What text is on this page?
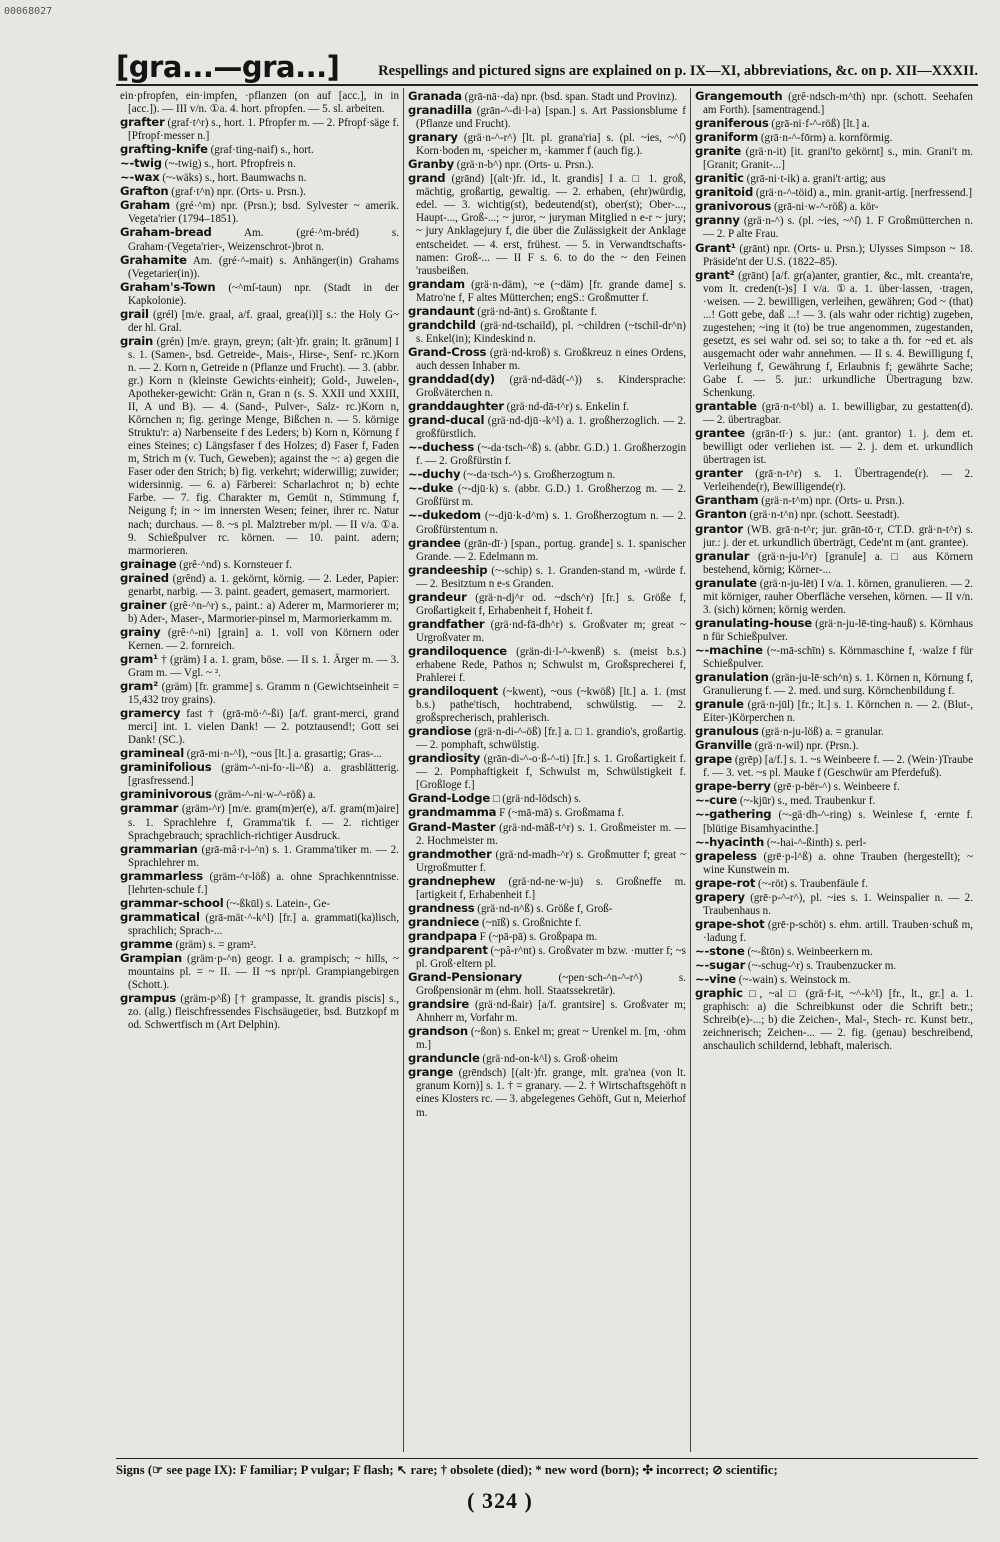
00068027
[gra...—gra...]	Respellings and pictured signs are explained on p. IX—XI, abbreviations, &c. on p. XII—XXXII.

ein·pfropfen, ein·impfen, ·pflanzen (on auf [acc.], in in [acc.]). — III v/n. ①a. 4. hort. pfropfen. — 5. sl. arbeiten.

grafter (graf·t^r) s., hort. 1. Pfropfer m. — 2. Pfropf·säge f. [Pfropf·messer n.]

grafting-knife (graf·ting-naif) s., hort.

~-twig (~-twig) s., hort. Pfropfreis n.

~-wax (~-wäks) s., hort. Baumwachs n.

Grafton (graf·t^n) npr. (Orts- u. Prsn.).

Graham (gré·^m) npr. (Prsn.); bsd. Sylvester ~ amerik. Vegeta'rier (1794–1851).

Graham-bread	Am. (gré·^m-bréd) s. Graham·(Vegeta'rier-, Weizenschrot-)brot n.

Grahamite Am. (gré·^-mait) s. Anhänger(in) Grahams (Vegetarier(in)).

Graham's-Town (~^mſ-taun) npr. (Stadt in der Kapkolonie).

grail (grél) [m/e. graal, a/f. graal, grea(i)l] s.: the Holy G~ der hl. Gral.

grain (grén) [m/e. grayn, greyn; (alt·)fr. grain; lt. grānum] I s. 1. (Samen-, bsd. Getreide-, Mais-, Hirse-, Senf- rc.)Korn n. — 2. Korn n, Getreide n (Pflanze und Frucht). — 3. (abbr. gr.) Korn n (kleinste Gewichts·einheit); Gold-, Juwelen-, Apotheker-gewicht: Grän n, Gran n (s. S. XXII und XXIII, II, A und B). — 4. (Sand-, Pulver-, Salz- rc.)Korn n, Körnchen n; fig. geringe Menge, Bißchen n. — 5. körnige Struktu'r: a) Narbenseite f des Leders; b) Korn n, Körnung f eines Steines; c) Längsfaser f des Holzes; d) Faser f, Faden m, Strich m (v. Tuch, Geweben); against the ~: a) gegen die Faser oder den Strich; b) fig. verkehrt; widerwillig; zuwider; widersinnig. — 6. a) Färberei: Scharlachrot n; b) echte Farbe. — 7. fig. Charakter m, Gemüt n, Stimmung f, Neigung f; in ~ im innersten Wesen; feiner, ihrer rc. Natur nach; durchaus. — 8. ~s pl. Malztreber m/pl. — II v/a. ①a. 9. Schießpulver rc. körnen. — 10. paint. adern; marmorieren.

grainage (grê·^nd) s. Kornsteuer f.

grained (grênd) a. 1. gekörnt, körnig. — 2. Leder, Papier: genarbt, narbig. — 3. paint. geadert, gemasert, marmoriert.

grainer (grê·^n-^r) s., paint.: a) Aderer m, Marmorierer m; b) Ader-, Maser-, Marmorier-pinsel m, Marmorierkamm m.

grainy (grê·^-ni) [grain] a. 1. voll von Körnern oder Kernen. — 2. fornreich.

gram¹ † (gräm) I a. 1. gram, böse. — II s. 1. Ärger m. — 3. Gram m. — Vgl. ~ ².

gram² (gräm) [fr. gramme] s. Gramm n (Gewichtseinheit = 15,432 troy grains).

gramercy fast † (grā-mö·^-ßi) [a/f. grant-merci, grand merci] int. 1. vielen Dank! — 2. potztausend!; Gott sei Dank! (SC.).

gramineal (grā-mi·n-^l), ~ous [lt.] a. grasartig; Gras-...

graminifolious (gräm-^-ni-fo·-li-^ß) a. grasblätterig. [grasfressend.]

graminivorous (gräm-^-ni·w-^-röß) a.

grammar (gräm-^r) [m/e. gram(m)er(e), a/f. gram(m)aire] s. 1. Sprachlehre f, Gramma'tik f. — 2. richtiger Sprachgebrauch; sprachlich-richtiger Ausdruck.

grammarian (grā-mâ·r-i-^n) s. 1. Gramma'tiker m. — 2. Sprachlehrer m.

grammarless (gräm-^r-löß) a. ohne Sprachkenntnisse. [lehrten-schule f.]

grammar-school (~-ßkūl) s. Latein-, Ge-

grammatical (grā-mät·^-k^l) [fr.] a. grammati(ka)lisch, sprachlich; Sprach-...

gramme (gräm) s. = gram².

Grampian (gräm·p-^n) geogr. I a. grampisch; ~ hills, ~ mountains pl. = ~ II. — II ~s npr/pl. Grampiangebirgen (Schott.).

grampus (gräm-p^ß) [† grampasse, lt. grandis piscis] s., zo. (allg.) fleischfressendes Fischsäugetier, bsd. Butzkopf m od. Schwertfisch m (Art Delphin).

Granada (grā-nā·-da) npr. (bsd. span. Stadt und Provinz).

granadilla (grān-^-di·l-a) [span.] s. Art Passionsblume f (Pflanze und Frucht).

granary (grä·n-^-r^) [lt. pl. grana'ria] s. (pl. ~ies, ~^ſ) Korn·boden m, ·speicher m, ·kammer f (auch fig.).

Granby (grä·n-b^) npr. (Orts- u. Prsn.).

grand (grānd) [(alt·)fr. id., lt. grandis] I a. □ 1. groß, mächtig, großartig, gewaltig. — 2. erhaben, (ehr)würdig, edel. — 3. wichtig(st), bedeutend(st), ober(st); Ober-..., Haupt-..., Groß-...; ~ juror, ~ juryman Mitglied n e-r ~ jury; ~ jury Anklagejury f, die über die Zulässigkeit der Anklage entscheidet. — 4. erst, frühest. — 5. in Verwandtschafts-namen: Groß-... — II F s. 6. to do the ~ den Feinen 'rausbeißen.

grandam (grä·n-däm), ~e (~däm) [fr. grande dame] s. Matro'ne f, F altes Mütterchen; engS.: Großmutter f.

grandaunt (grä·nd-ānt) s. Großtante f.

grandchild (grä·nd-tschaild), pl. ~children (~tschil-dr^n) s. Enkel(in); Kindeskind n.

Grand-Cross (grä·nd-kroß) s. Großkreuz n eines Ordens, auch dessen Inhaber m.

granddad(dy) (grä·nd-däd(-^)) s. Kindersprache: Großväterchen n.

granddaughter (grä·nd-dā-t^r) s. Enkelin f.

grand-ducal (grä·nd-djū·-k^l) a. 1. großherzoglich. — 2. großfürstlich.

~-duchess (~-da·tsch-^ß) s. (abbr. G.D.) 1. Großherzogin f. — 2. Großfürstin f.

~-duchy (~-da·tsch-^) s. Großherzogtum n.

~-duke (~-djū·k) s. (abbr. G.D.) 1. Großherzog m. — 2. Großfürst m.

~-dukedom (~-djū·k-d^m) s. 1. Großherzogtum n. — 2. Großfürstentum n.

grandee (grān-dī·) [span., portug. grande] s. 1. spanischer Grande. — 2. Edelmann m.

grandeeship (~-schip) s. 1. Granden-stand m, -würde f. — 2. Besitztum n e-s Granden.

grandeur (grä·n-dj^r od. ~dsch^r) [fr.] s. Größe f, Großartigkeit f, Erhabenheit f, Hoheit f.

grandfather (grä·nd-fā-dh^r) s. Großvater m; great ~ Urgroßvater m.

grandiloquence (grän-di·l-^-kwenß) s. (meist b.s.) erhabene Rede, Pathos n; Schwulst m, Großsprecherei f, Prahlerei f.

grandiloquent (~kwent), ~ous (~kwöß) [lt.] a. 1. (mst b.s.) pathe'tisch, hochtrabend, schwülstig. — 2. großsprecherisch, prahlerisch.

grandiose (grä·n-di-^-öß) [fr.] a. □ 1. grandio's, großartig. — 2. pomphaft, schwülstig.

grandiosity (grān-di-^-o·ß-^-ti) [fr.] s. 1. Großartigkeit f. — 2. Pomphaftigkeit f, Schwulst m, Schwülstigkeit f. [Großloge f.]

Grand-Lodge □ (grä·nd-lödsch) s.

grandmamma F (~mā-mā) s. Großmama f.

Grand-Master (grä·nd-māß-t^r) s. 1. Großmeister m. — 2. Hochmeister m.

grandmother (grä·nd-madh-^r) s. Großmutter f; great ~ Urgroßmutter f.

grandnephew (grä·nd-ne·w-ju) s. Großneffe m. [artigkeit f, Erhabenheit f.]

grandness (grä·nd-n^ß) s. Größe f, Groß-

grandniece (~nīß) s. Großnichte f.

grandpapa F (~pā-pā) s. Großpapa m.

grandparent (~pâ-r^nt) s. Großvater m bzw. ·mutter f; ~s pl. Groß·eltern pl.

Grand-Pensionary	(~pen·sch-^n-^-r^) s. Großpensionär m (ehm. holl. Staatssekretär).

grandsire (grä·nd-ßair) [a/f. grantsire] s. Großvater m; Ahnherr m, Vorfahr m.

grandson (~ßon) s. Enkel m; great ~ Urenkel m. [m, ·ohm m.]

granduncle (grä·nd-on-k^l) s. Groß·oheim

grange (grēndsch) [(alt·)fr. grange, mlt. gra'nea (von lt. granum Korn)] s. 1. † = granary. — 2. † Wirtschaftsgehöft n eines Klosters rc. — 3. abgelegenes Gehöft, Gut n, Meierhof m.

Grangemouth (grê·ndsch-m^th) npr. (schott. Seehafen am Forth). [samentragend.]

graniferous (grā-ni·f-^-röß) [lt.] a.

graniform (grā·n-^-fōrm) a. kornförmig.

granite (grä·n-it) [it. grani'to gekörnt] s., min. Grani't m. [Granit; Granit-...]

granitic (grā-ni·t-ik) a. grani't·artig; aus

granitoid (grä·n-^-töid) a., min. granit-artig. [nerfressend.]

granivorous (grā-ni·w-^-röß) a. kör-

granny (grä·n-^) s. (pl. ~ies, ~^ſ) 1. F Großmütterchen n. — 2. P alte Frau.

Grant¹ (grānt) npr. (Orts- u. Prsn.); Ulysses Simpson ~ 18. Präside'nt der U.S. (1822–85).

grant² (grānt) [a/f. gr(a)anter, grantier, &c., mlt. creanta're, vom lt. creden(t-)s] I v/a. ①a. 1. über·lassen, ·tragen, ·weisen. — 2. bewilligen, verleihen, gewähren; God ~ (that) ...! Gott gebe, daß ...! — 3. (als wahr oder richtig) zugeben, zugestehen; ~ing it (to) be true angenommen, zugestanden, gesetzt, es sei wahr od. sei so; to take a th. for ~ed et. als ausgemacht oder wahr annehmen. — II s. 4. Bewilligung f, Verleihung f, Gewährung f, Erlaubnis f; gewährte Sache; Gabe f. — 5. jur.: urkundliche Übertragung bzw. Schenkung.

grantable (grā·n-t^bl) a. 1. bewilligbar, zu gestatten(d). — 2. übertragbar.

grantee (grān-tī·) s. jur.: (ant. grantor) 1. j. dem et. bewilligt oder verliehen ist. — 2. j. dem et. urkundlich übertragen ist.

granter (grā·n-t^r) s. 1. Übertragende(r). — 2. Verleihende(r), Bewilligende(r).

Grantham (grä·n-t^m) npr. (Orts- u. Prsn.).

Granton (grä·n-t^n) npr. (schott. Seestadt).

grantor (WB. grā·n-t^r; jur. grān-tō·r, CT.D. grä·n-t^r) s. jur.: j. der et. urkundlich überträgt, Cede'nt m (ant. grantee).

granular (grä·n-ju-l^r) [granule] a. □ aus Körnern bestehend, körnig; Körner-...

granulate (grä·n-ju-lēt) I v/a. 1. körnen, granulieren. — 2. mit körniger, rauher Oberfläche versehen, körnen. — II v/n. 3. (sich) körnen; körnig werden.

granulating-house (grä·n-ju-lē-ting-hauß) s. Körnhaus n für Schießpulver.

~-machine (~-mā-schīn) s. Körnmaschine f, ·walze f für Schießpulver.

granulation (grän-ju-lē·sch^n) s. 1. Körnen n, Körnung f, Granulierung f. — 2. med. und surg. Körnchenbildung f.

granule (grä·n-jūl) [fr.; lt.] s. 1. Körnchen n. — 2. (Blut-, Eiter-)Körperchen n.

granulous (grä·n-ju-löß) a. = granular.

Granville (grä·n-wil) npr. (Prsn.).

grape (grēp) [a/f.] s. 1. ~s Weinbeere f. — 2. (Wein·)Traube f. — 3. vet. ~s pl. Mauke f (Geschwür am Pferdefuß).

grape-berry (grē·p-bër-^) s. Weinbeere f.

~-cure (~-kjūr) s., med. Traubenkur f.

~-gathering (~-gä·dh-^-ring) s. Weinlese f, ·ernte f. [blütige Bisamhyacinthe.]

~-hyacinth (~-hai-^-ßinth) s. perl-

grapeless (grē·p-l^ß) a. ohne Trauben (hergestellt); ~ wine Kunstwein m.

grape-rot (~-röt) s. Traubenfäule f.

grapery (grē·p-^-r^), pl. ~ies s. 1. Weinspalier n. — 2. Traubenhaus n.

grape-shot (grē·p-schöt) s. ehm. artill. Trauben·schuß m, ·ladung f.

~-stone (~-ßtōn) s. Weinbeerkern m.

~-sugar (~-schug-^r) s. Traubenzucker m.

~-vine (~-wain) s. Weinstock m.

graphic □, ~al □ (grä·f-it, ~^-k^l) [fr., lt., gr.] a. 1. graphisch: a) die Schreibkunst oder die Schrift betr.; Schreib(e)-...; b) die Zeichen-, Mal-, Stech- rc. Kunst betr., zeichnerisch; Zeichen-... — 2. fig. (genau) beschreibend, anschaulich schildernd, lebhaft, malerisch.

Signs (☞ see page IX): F familiar; P vulgar; F flash; ↖ rare; † obsolete (died); * new word (born); ✣ incorrect; ⊘ scientific;
( 324 )
